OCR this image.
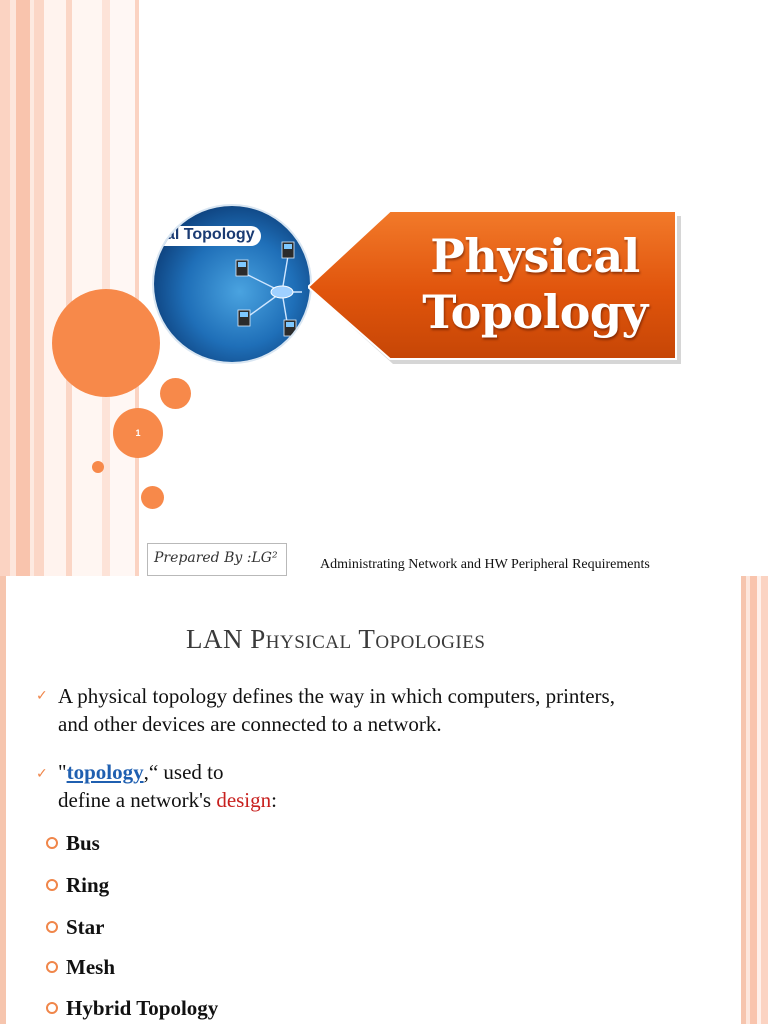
1
al Topology	Physical
Topology
Prepared By :LG²	Administrating Network and HW Peripheral Requirements
LAN Physical Topologies
✓ A physical topology defines the way in which computers, printers,
and other devices are connected to a network.
✓ "topology,“ used to
define a network's design:
Bus
Ring
Star
Mesh
Hybrid Topology
